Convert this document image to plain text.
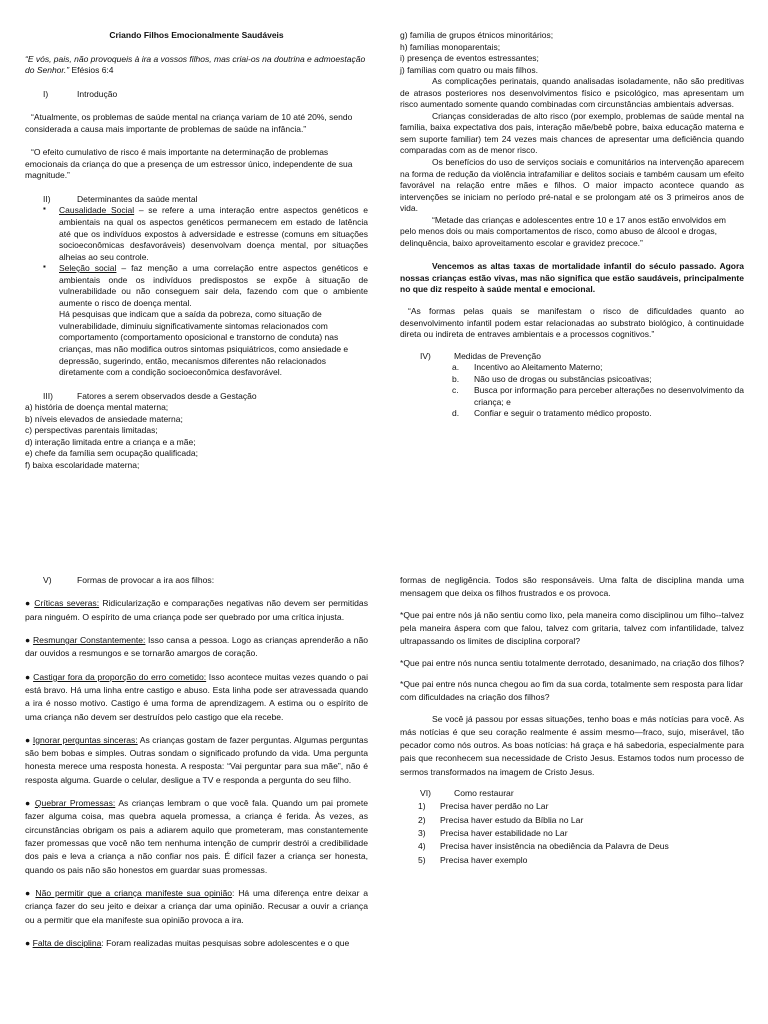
Criando Filhos Emocionalmente Saudáveis

“E vós, pais, não provoqueis à ira a vossos filhos, mas criai-os na doutrina e admoestação do Senhor.” Efésios 6:4

I)	Introdução

“Atualmente, os problemas de saúde mental na criança variam de 10 até 20%, sendo considerada a causa mais importante de problemas de saúde na infância.”

“O efeito cumulativo de risco é mais importante na determinação de problemas emocionais da criança do que a presença de um estressor único, independente de sua magnitude.”

II)	Determinantes da saúde mental
▪	Causalidade Social – se refere a uma interação entre aspectos genéticos e ambientais na qual os aspectos genéticos permanecem em estado de latência até que os indivíduos expostos à adversidade e estresse (comuns em situações socioeconômicas desfavoráveis) desenvolvam doença mental, por situações alheias ao seu controle.

▪	Seleção social – faz menção a uma correlação entre aspectos genéticos e ambientais onde os indivíduos predispostos se expõe à situação de vulnerabilidade ou não conseguem sair dela, fazendo com que o ambiente aumente o risco de doença mental.

Há pesquisas que indicam que a saída da pobreza, como situação de vulnerabilidade, diminuiu significativamente sintomas relacionados com comportamento (comportamento oposicional e transtorno de conduta) nas crianças, mas não modifica outros sintomas psiquiátricos, como ansiedade e depressão, sugerindo, então, mecanismos diferentes não relacionados diretamente com a condição socioeconômica desfavorável.

III)	Fatores a serem observados desde a Gestação

a) história de doença mental materna;

b) níveis elevados de ansiedade materna;

c) perspectivas parentais limitadas;

d) interação limitada entre a criança e a mãe;

e) chefe da família sem ocupação qualificada;

f) baixa escolaridade materna;

g) família de grupos étnicos minoritários;

h) famílias monoparentais;

i) presença de eventos estressantes;

j) famílias com quatro ou mais filhos.

As complicações perinatais, quando analisadas isoladamente, não são preditivas de atrasos posteriores nos desenvolvimentos físico e psicológico, mas apresentam um risco aumentado somente quando combinadas com circunstâncias ambientais adversas.

Crianças consideradas de alto risco (por exemplo, problemas de saúde mental na família, baixa expectativa dos pais, interação mãe/bebê pobre, baixa educação materna e sem suporte familiar) tem 24 vezes mais chances de apresentar uma deficiência quando comparadas com as de menor risco.

Os benefícios do uso de serviços sociais e comunitários na intervenção aparecem na forma de redução da violência intrafamiliar e delitos sociais e também causam um efeito favorável na relação entre mães e filhos. O maior impacto acontece quando as intervenções se iniciam no período pré-natal e se prolongam até os 3 primeiros anos de vida.

“Metade das crianças e adolescentes entre 10 e 17 anos estão envolvidos em pelo menos dois ou mais comportamentos de risco, como abuso de álcool e drogas, delinquência, baixo aproveitamento escolar e gravidez precoce.”

Vencemos as altas taxas de mortalidade infantil do século passado. Agora nossas crianças estão vivas, mas não significa que estão saudáveis, principalmente no que diz respeito à saúde mental e emocional.

“As formas pelas quais se manifestam o risco de dificuldades quanto ao desenvolvimento infantil podem estar relacionadas ao substrato biológico, à continuidade direta ou indireta de entraves ambientais e a processos cognitivos.”

IV)	Medidas de Prevenção
a.	Incentivo ao Aleitamento Materno;
b.	Não uso de drogas ou substâncias psicoativas;
c.	Busca por informação para perceber alterações no desenvolvimento da criança; e
d.	Confiar e seguir o tratamento médico proposto.
V)	Formas de provocar a ira aos filhos:

● Críticas severas: Ridicularização e comparações negativas não devem ser permitidas para ninguém. O espírito de uma criança pode ser quebrado por uma crítica injusta.

● Resmungar Constantemente: Isso cansa a pessoa. Logo as crianças aprenderão a não dar ouvidos a resmungos e se tornarão amargos de coração.

● Castigar fora da proporção do erro cometido: Isso acontece muitas vezes quando o pai está bravo. Há uma linha entre castigo e abuso. Esta linha pode ser atravessada quando a ira é nosso motivo. Castigo é uma forma de aprendizagem. A estima ou o espírito de uma criança não devem ser destruídos pelo castigo que ela recebe.

● Ignorar perguntas sinceras: As crianças gostam de fazer perguntas. Algumas perguntas são bem bobas e simples. Outras sondam o significado profundo da vida. Uma pergunta honesta merece uma resposta honesta. A resposta: “Vai perguntar para sua mãe”, não é resposta alguma. Guarde o celular, desligue a TV e responda a pergunta do seu filho.

● Quebrar Promessas: As crianças lembram o que você fala. Quando um pai promete fazer alguma coisa, mas quebra aquela promessa, a criança é ferida. Às vezes, as circunstâncias obrigam os pais a adiarem aquilo que prometeram, mas constantemente fazer promessas que você não tem nenhuma intenção de cumprir destrói a credibilidade dos pais e leva a criança a não confiar nos pais. É difícil fazer a criança ser honesta, quando os pais não são honestos em guardar suas promessas.

● Não permitir que a criança manifeste sua opinião: Há uma diferença entre deixar a criança fazer do seu jeito e deixar a criança dar uma opinião. Recusar a ouvir a criança ou a permitir que ela manifeste sua opinião provoca a ira.

● Falta de disciplina: Foram realizadas muitas pesquisas sobre adolescentes e o que

formas de negligência. Todos são responsáveis. Uma falta de disciplina manda uma mensagem que deixa os filhos frustrados e os provoca.

*Que pai entre nós já não sentiu como lixo, pela maneira como disciplinou um filho--talvez pela maneira áspera com que falou, talvez com gritaria, talvez com infantilidade, talvez ultrapassando os limites de disciplina corporal?

*Que pai entre nós nunca sentiu totalmente derrotado, desanimado, na criação dos filhos?

*Que pai entre nós nunca chegou ao fim da sua corda, totalmente sem resposta para lidar com dificuldades na criação dos filhos?

Se você já passou por essas situações, tenho boas e más notícias para você. As más notícias é que seu coração realmente é assim mesmo—fraco, sujo, miserável, tão pecador como nós outros. As boas notícias: há graça e há sabedoria, especialmente para pais que reconhecem sua necessidade de Cristo Jesus. Estamos todos num processo de sermos transformados na imagem de Cristo Jesus.

VI)	Como restaurar
1)	Precisa haver perdão no Lar
2)	Precisa haver estudo da Bíblia no Lar
3)	Precisa haver estabilidade no Lar
4)	Precisa haver insistência na obediência da Palavra de Deus
5)	Precisa haver exemplo
